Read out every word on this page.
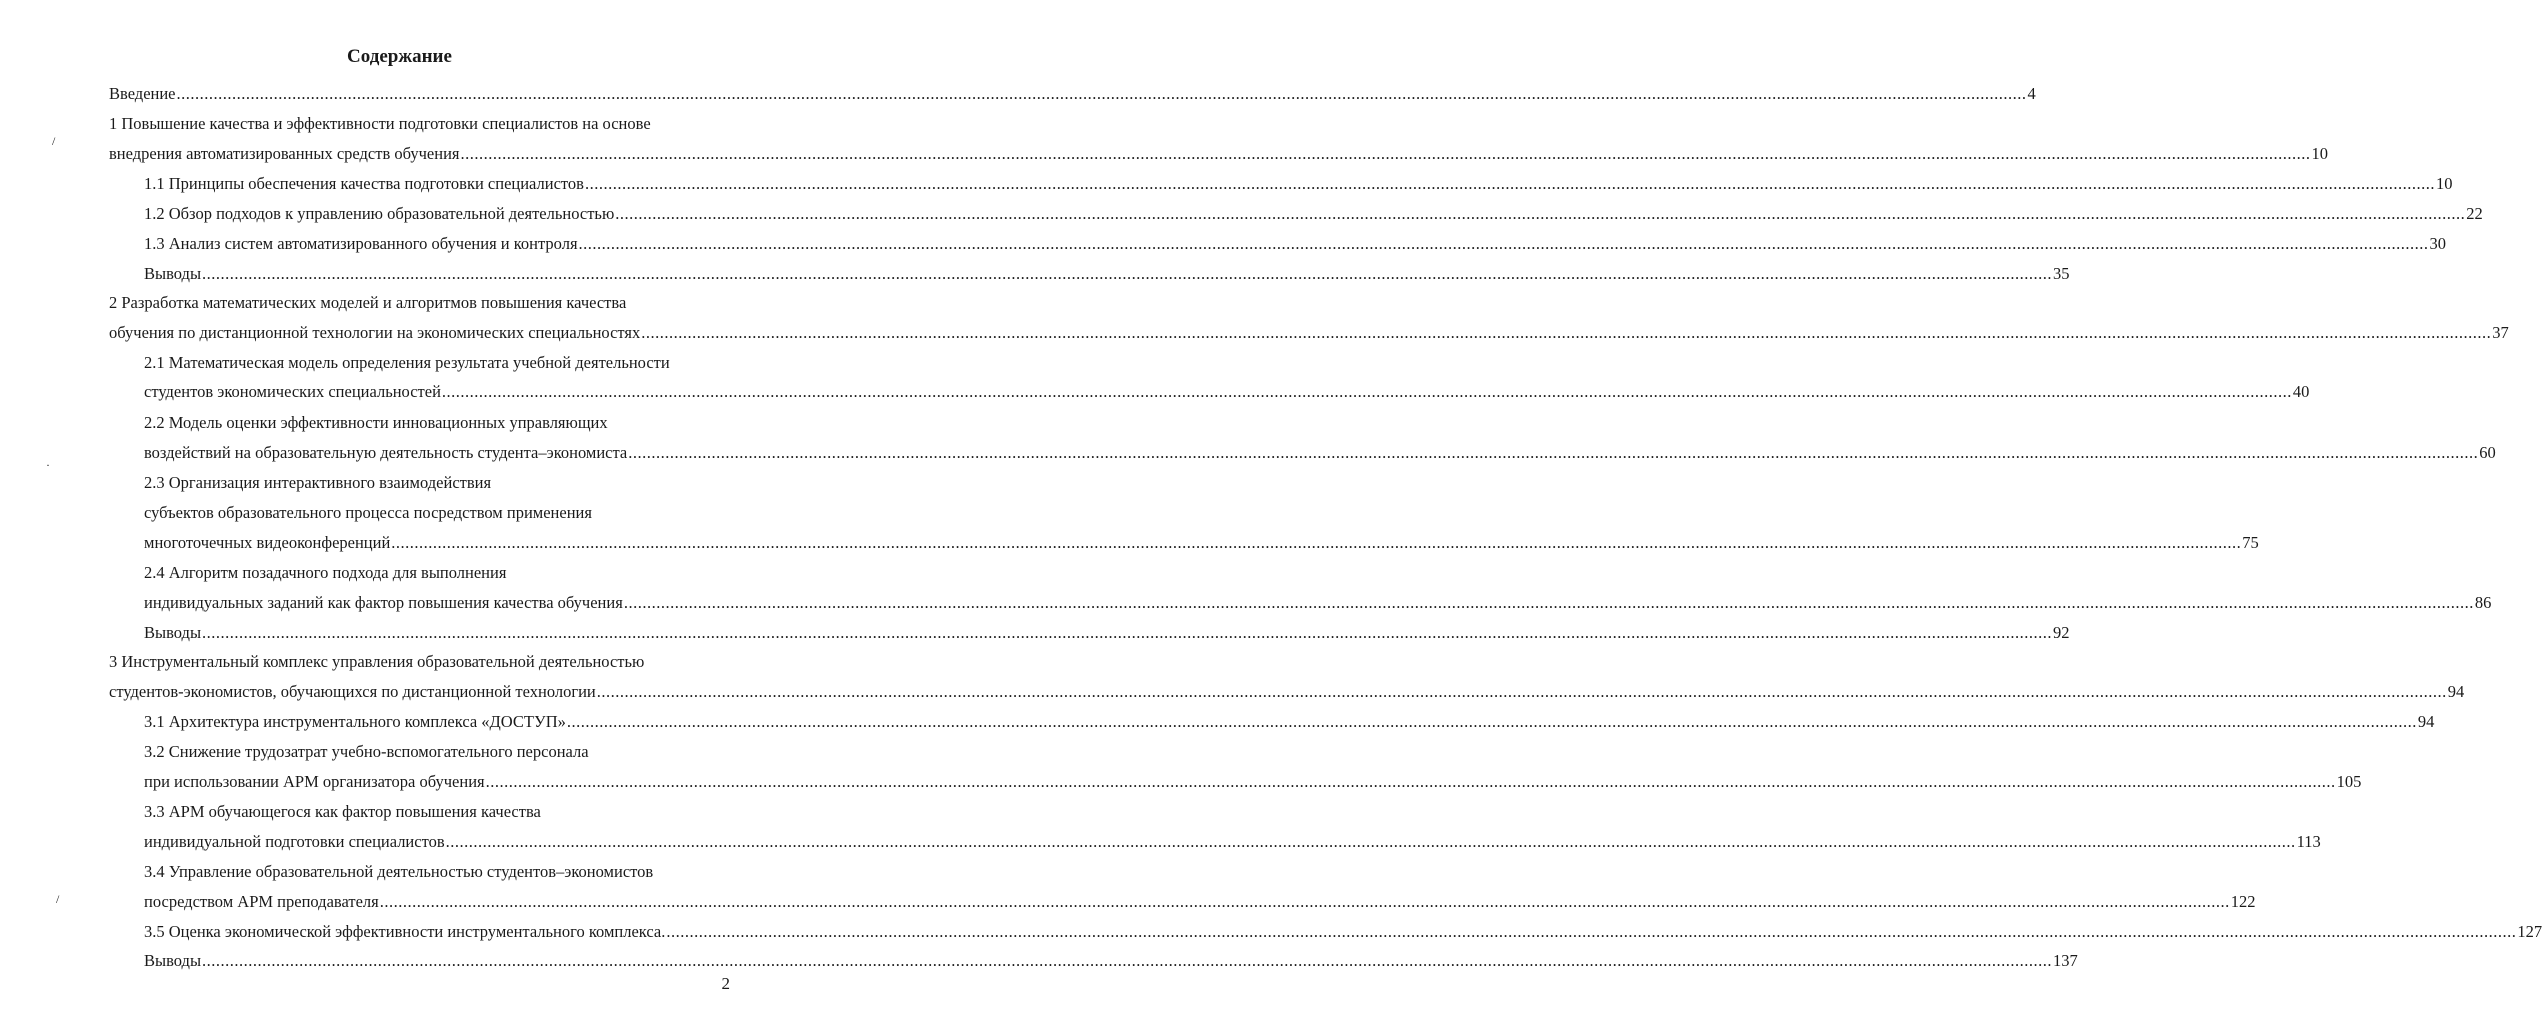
Содержание
Введение ................................................................................................................................................................................................................................................................................................................................................................................................................ 4
1 Повышение качества и эффективности подготовки специалистов на основе
внедрения автоматизированных средств обучения ................................................................................................................................................................................................................................................................................................................................................................................................................ 10
1.1 Принципы обеспечения качества подготовки специалистов ................................................................................................................................................................................................................................................................................................................................................................................................................ 10
1.2 Обзор подходов к управлению образовательной деятельностью ................................................................................................................................................................................................................................................................................................................................................................................................................ 22
1.3 Анализ систем автоматизированного обучения и контроля ................................................................................................................................................................................................................................................................................................................................................................................................................ 30
Выводы ................................................................................................................................................................................................................................................................................................................................................................................................................ 35
2 Разработка математических моделей и алгоритмов повышения качества
обучения по дистанционной технологии на экономических специальностях ................................................................................................................................................................................................................................................................................................................................................................................................................ 37
2.1 Математическая модель определения результата учебной деятельности
студентов экономических специальностей ................................................................................................................................................................................................................................................................................................................................................................................................................ 40
2.2 Модель оценки эффективности инновационных управляющих
воздействий на образовательную деятельность студента–экономиста ................................................................................................................................................................................................................................................................................................................................................................................................................ 60
2.3 Организация интерактивного взаимодействия
субъектов образовательного процесса посредством применения
многоточечных видеоконференций ................................................................................................................................................................................................................................................................................................................................................................................................................ 75
2.4 Алгоритм позадачного подхода для выполнения
индивидуальных заданий как фактор повышения качества обучения ................................................................................................................................................................................................................................................................................................................................................................................................................ 86
Выводы ................................................................................................................................................................................................................................................................................................................................................................................................................ 92
3 Инструментальный комплекс управления образовательной деятельностью
студентов-экономистов, обучающихся по дистанционной технологии ................................................................................................................................................................................................................................................................................................................................................................................................................ 94
3.1 Архитектура инструментального комплекса «ДОСТУП» ................................................................................................................................................................................................................................................................................................................................................................................................................ 94
3.2 Снижение трудозатрат учебно-вспомогательного персонала
при использовании АРМ организатора обучения ................................................................................................................................................................................................................................................................................................................................................................................................................ 105
3.3 АРМ обучающегося как фактор повышения качества
индивидуальной подготовки специалистов ................................................................................................................................................................................................................................................................................................................................................................................................................ 113
3.4 Управление образовательной деятельностью студентов–экономистов
посредством АРМ преподавателя ................................................................................................................................................................................................................................................................................................................................................................................................................ 122
3.5 Оценка экономической эффективности инструментального комплекса. ................................................................................................................................................................................................................................................................................................................................................................................................................ 127
Выводы ................................................................................................................................................................................................................................................................................................................................................................................................................ 137
2
/
·
/
